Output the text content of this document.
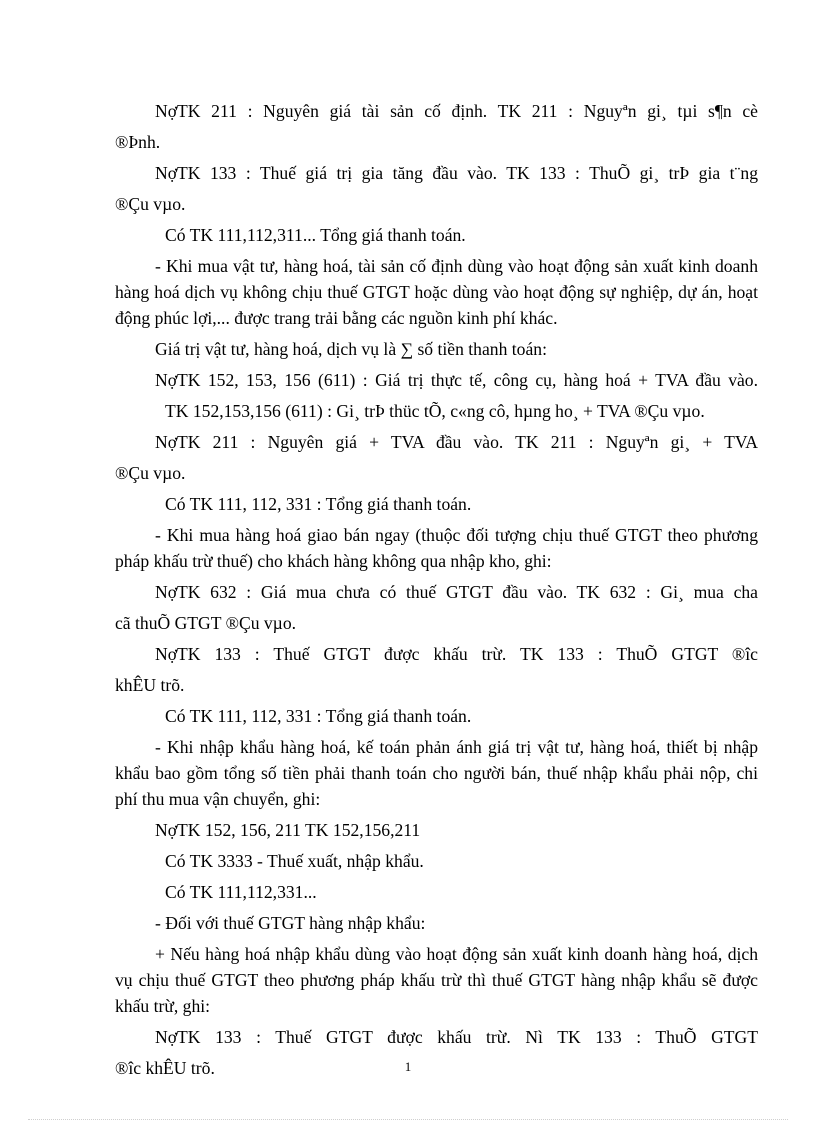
NợTK 211 : Nguyên giá tài sản cố định. TK 211 : Nguyªn gi¸ tµi s¶n cè

®Þnh.

NợTK 133 : Thuế giá trị gia tăng đầu vào. TK 133 : ThuÕ gi¸ trÞ gia t¨ng

®Çu vµo.

Có TK 111,112,311... Tổng giá thanh toán.

- Khi mua vật tư, hàng hoá, tài sản cố định dùng vào hoạt động sản xuất kinh doanh hàng hoá dịch vụ không chịu thuế GTGT hoặc dùng vào hoạt động sự nghiệp, dự án, hoạt động phúc lợi,... được trang trải bằng các nguồn kinh phí khác.

Giá trị vật tư, hàng hoá, dịch vụ là ∑ số tiền thanh toán:

NợTK 152, 153, 156 (611) : Giá trị thực tế, công cụ, hàng hoá + TVA đầu vào.

TK 152,153,156 (611) : Gi¸ trÞ thüc tÕ, c«ng cô, hµng ho¸ + TVA ®Çu vµo.

NợTK 211 : Nguyên giá + TVA đầu vào. TK 211 : Nguyªn gi¸ + TVA

®Çu vµo.

Có TK 111, 112, 331 : Tổng giá thanh toán.

- Khi mua hàng hoá giao bán ngay (thuộc đối tượng chịu thuế GTGT theo phương pháp khấu trừ thuế) cho khách hàng không qua nhập kho, ghi:

NợTK 632 : Giá mua chưa có thuế GTGT đầu vào. TK 632 : Gi¸ mua cha

cã thuÕ GTGT ®Çu vµo.

NợTK 133 : Thuế GTGT được khấu trừ. TK 133 : ThuÕ GTGT ®îc

khÊU trõ.

Có TK 111, 112, 331 : Tổng giá thanh toán.

- Khi nhập khẩu hàng hoá, kế toán phản ánh giá trị vật tư, hàng hoá, thiết bị nhập khẩu bao gồm tổng số tiền phải thanh toán cho người bán, thuế nhập khẩu phải nộp, chi phí thu mua vận chuyển, ghi:

NợTK 152, 156, 211 TK 152,156,211

Có TK 3333 - Thuế xuất, nhập khẩu.

Có TK 111,112,331...

- Đối với thuế GTGT hàng nhập khẩu:

+ Nếu hàng hoá nhập khẩu dùng vào hoạt động sản xuất kinh doanh hàng hoá, dịch vụ chịu thuế GTGT theo phương pháp khấu trừ thì thuế GTGT hàng nhập khẩu sẽ được khấu trừ, ghi:

NợTK 133 : Thuế GTGT được khấu trừ. Nì TK 133 : ThuÕ GTGT

®îc khÊU trõ.	1
